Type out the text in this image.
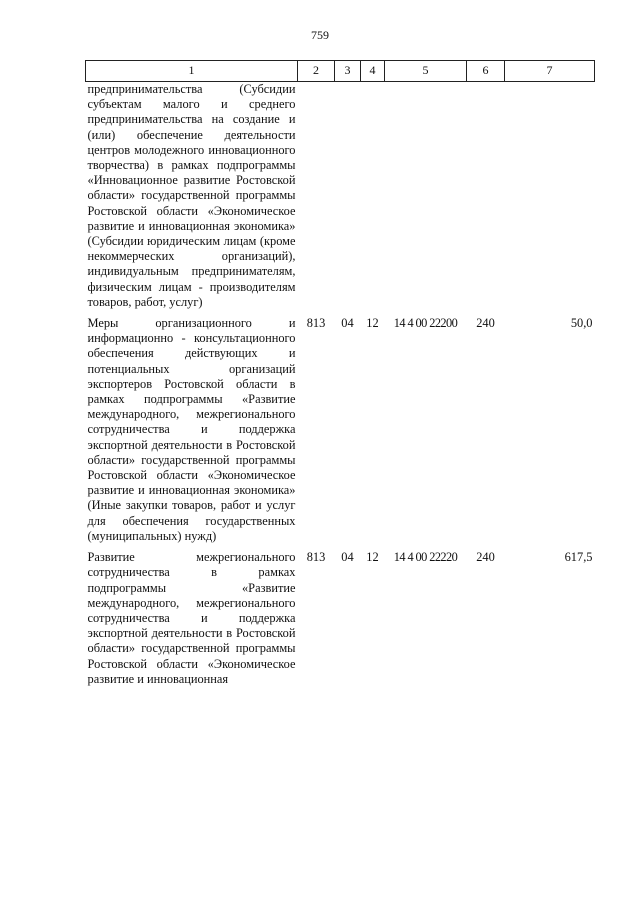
759
1	2	3	4	5	6	7
предпринимательства (Субсидии субъектам малого и среднего предпринимательства на создание и (или) обеспечение деятельности центров молодежного инновационного творчества) в рамках подпрограммы «Инновационное развитие Ростовской области» государственной программы Ростовской области «Экономическое развитие и инновационная экономика» (Субсидии юридическим лицам (кроме некоммерческих организаций), индивидуальным предпринимателям, физическим лицам - производителям товаров, работ, услуг)						
Меры организационного и информационно - консультационного обеспечения действующих и потенциальных организаций экспортеров Ростовской области в рамках подпрограммы «Развитие международного, межрегионального сотрудничества и поддержка экспортной деятельности в Ростовской области» государственной программы Ростовской области «Экономическое развитие и инновационная экономика» (Иные закупки товаров, работ и услуг для обеспечения государственных (муниципальных) нужд)	813	04	12	14 4 00 22200	240	50,0
Развитие межрегионального сотрудничества в рамках подпрограммы «Развитие международного, межрегионального сотрудничества и поддержка экспортной деятельности в Ростовской области» государственной программы Ростовской области «Экономическое развитие и инновационная	813	04	12	14 4 00 22220	240	617,5
